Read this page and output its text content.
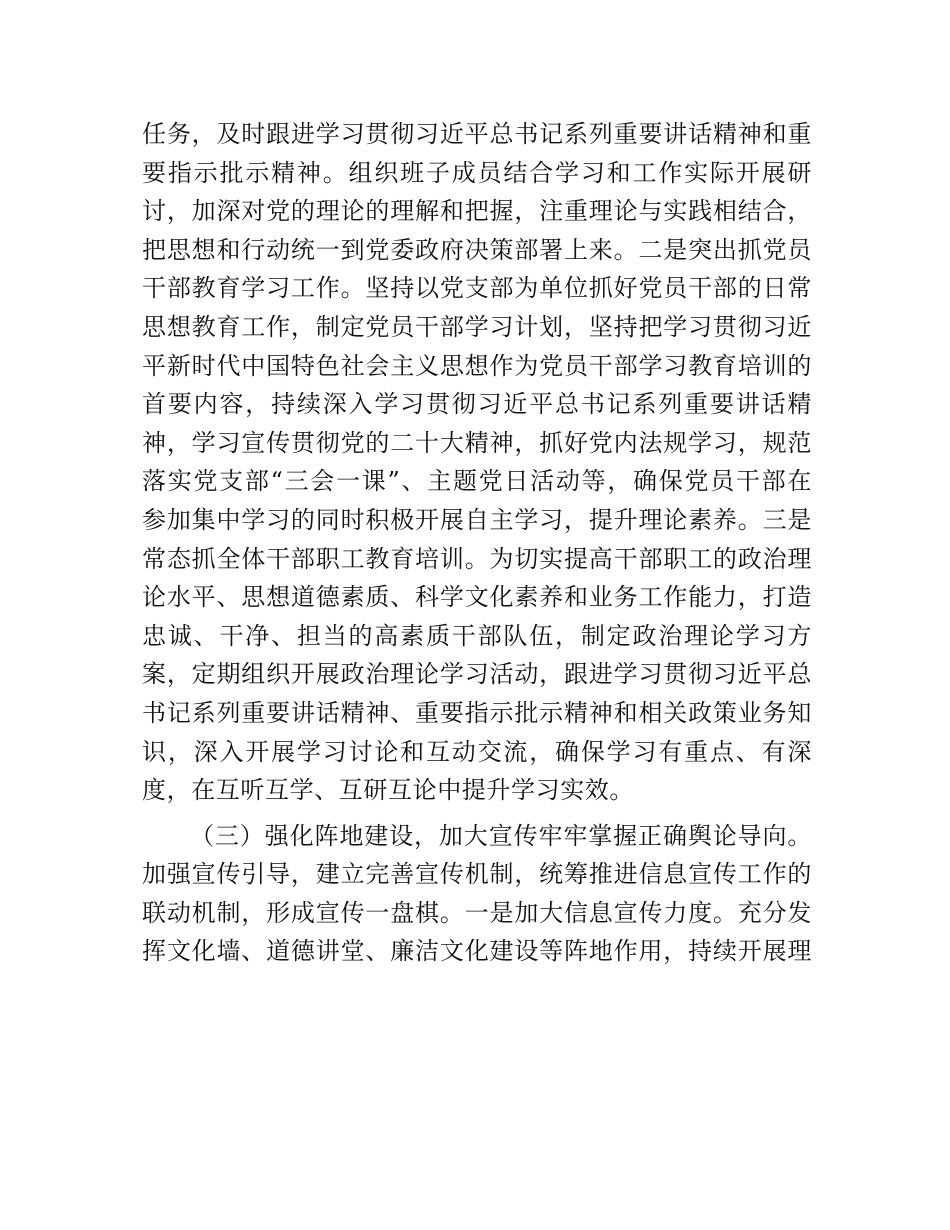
任务，及时跟进学习贯彻习近平总书记系列重要讲话精神和重
要指示批示精神。组织班子成员结合学习和工作实际开展研
讨，加深对党的理论的理解和把握，注重理论与实践相结合，
把思想和行动统一到党委政府决策部署上来。二是突出抓党员
干部教育学习工作。坚持以党支部为单位抓好党员干部的日常
思想教育工作，制定党员干部学习计划，坚持把学习贯彻习近
平新时代中国特色社会主义思想作为党员干部学习教育培训的
首要内容，持续深入学习贯彻习近平总书记系列重要讲话精
神，学习宣传贯彻党的二十大精神，抓好党内法规学习，规范
落实党支部“三会一课”、主题党日活动等，确保党员干部在
参加集中学习的同时积极开展自主学习，提升理论素养。三是
常态抓全体干部职工教育培训。为切实提高干部职工的政治理
论水平、思想道德素质、科学文化素养和业务工作能力，打造
忠诚、干净、担当的高素质干部队伍，制定政治理论学习方
案，定期组织开展政治理论学习活动，跟进学习贯彻习近平总
书记系列重要讲话精神、重要指示批示精神和相关政策业务知
识，深入开展学习讨论和互动交流，确保学习有重点、有深
度，在互听互学、互研互论中提升学习实效。
（三）强化阵地建设，加大宣传牢牢掌握正确舆论导向。
加强宣传引导，建立完善宣传机制，统筹推进信息宣传工作的
联动机制，形成宣传一盘棋。一是加大信息宣传力度。充分发
挥文化墙、道德讲堂、廉洁文化建设等阵地作用，持续开展理
